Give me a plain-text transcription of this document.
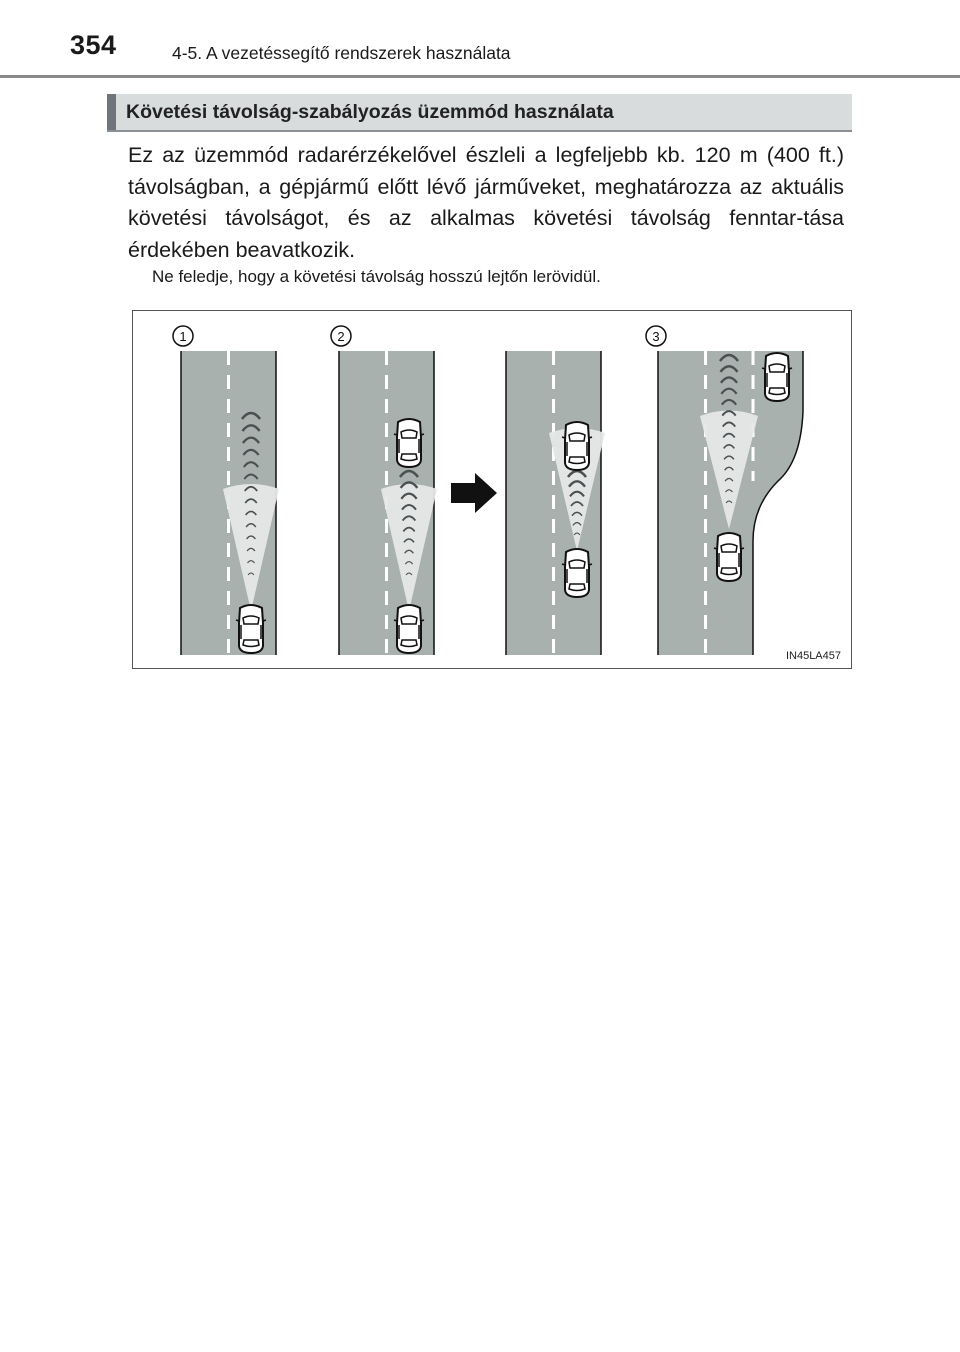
354	4-5. A vezetéssegítő rendszerek használata
Követési távolság-szabályozás üzemmód használata
Ez az üzemmód radarérzékelővel észleli a legfeljebb kb. 120 m (400 ft.) távolságban, a gépjármű előtt lévő járműveket, meghatározza az aktuális követési távolságot, és az alkalmas követési távolság fenntar-tása érdekében beavatkozik.
Ne feledje, hogy a követési távolság hosszú lejtőn lerövidül.
1	2	3
IN45LA457
